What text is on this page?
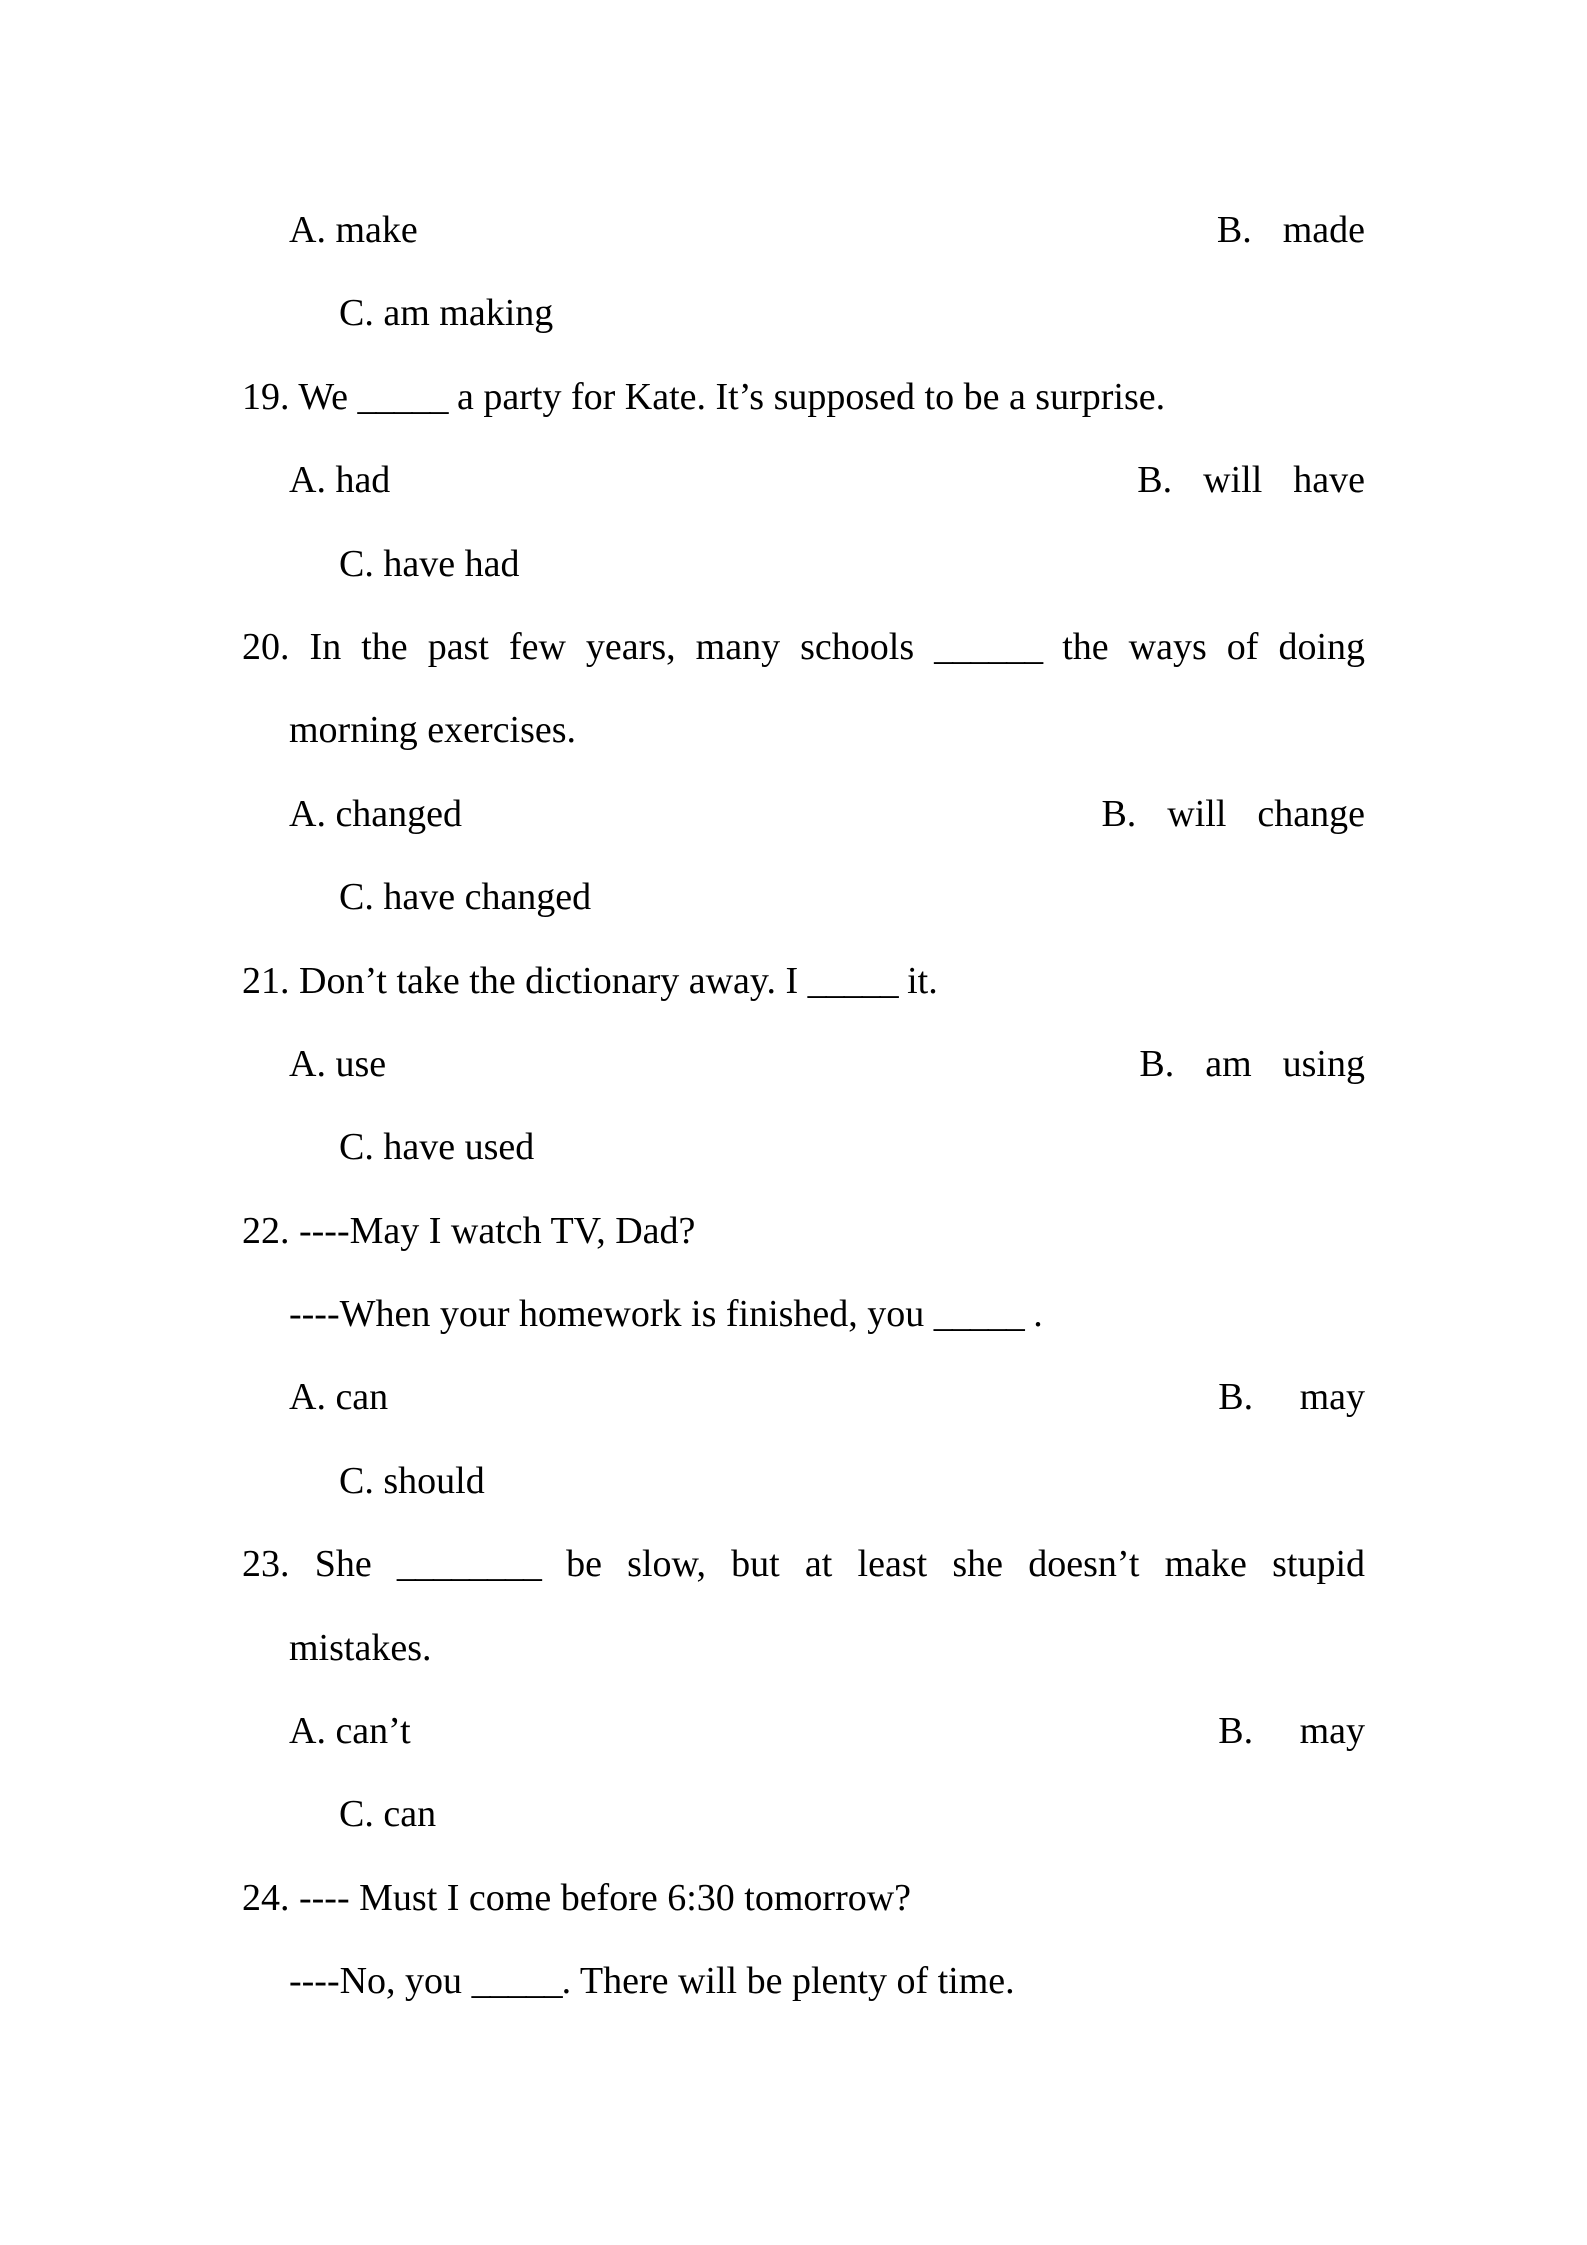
A. make	B.  made
C. am making
19. We _____ a party for Kate. It’s supposed to be a surprise.
A. had	B.  will  have
C. have had
20. In the past few years, many schools ______ the ways of doing
morning exercises.
A. changed	B.  will  change
C. have changed
21. Don’t take the dictionary away. I _____ it.
A. use	B.  am  using
C. have used
22. ----May I watch TV, Dad?
----When your homework is finished, you _____ .
A. can	B.   may
C. should
23. She ________ be slow, but at least she doesn’t make stupid
mistakes.
A. can’t	B.   may
C. can
24. ---- Must I come before 6:30 tomorrow?
----No, you _____. There will be plenty of time.
